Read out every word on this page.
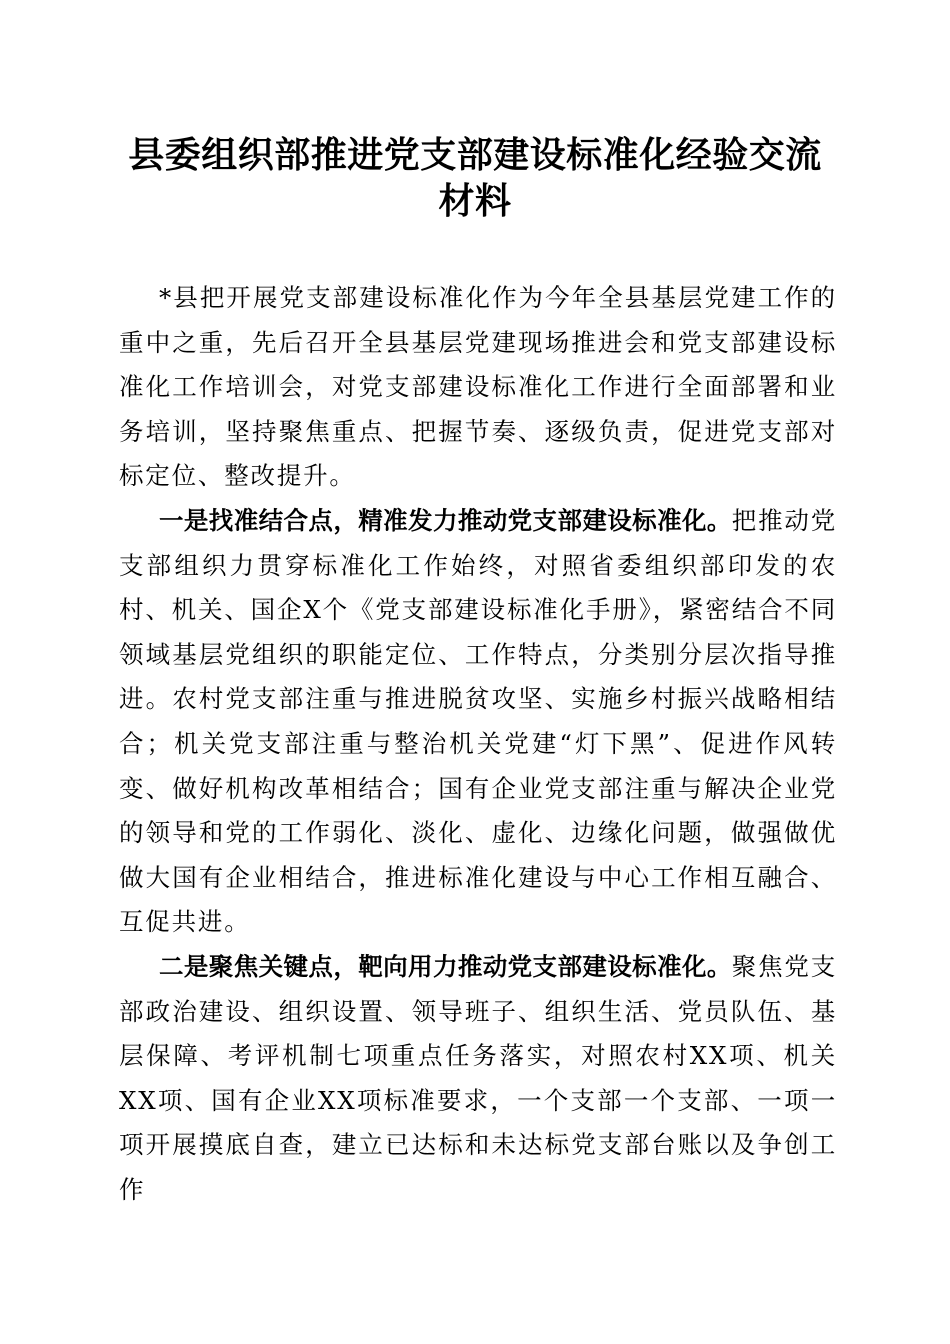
县委组织部推进党支部建设标准化经验交流材料

*县把开展党支部建设标准化作为今年全县基层党建工作的重中之重，先后召开全县基层党建现场推进会和党支部建设标准化工作培训会，对党支部建设标准化工作进行全面部署和业务培训，坚持聚焦重点、把握节奏、逐级负责，促进党支部对标定位、整改提升。

一是找准结合点，精准发力推动党支部建设标准化。把推动党支部组织力贯穿标准化工作始终，对照省委组织部印发的农村、机关、国企X个《党支部建设标准化手册》，紧密结合不同领域基层党组织的职能定位、工作特点，分类别分层次指导推进。农村党支部注重与推进脱贫攻坚、实施乡村振兴战略相结合；机关党支部注重与整治机关党建“灯下黑”、促进作风转变、做好机构改革相结合；国有企业党支部注重与解决企业党的领导和党的工作弱化、淡化、虚化、边缘化问题，做强做优做大国有企业相结合，推进标准化建设与中心工作相互融合、互促共进。

二是聚焦关键点，靶向用力推动党支部建设标准化。聚焦党支部政治建设、组织设置、领导班子、组织生活、党员队伍、基层保障、考评机制七项重点任务落实，对照农村XX项、机关XX项、国有企业XX项标准要求，一个支部一个支部、一项一项开展摸底自查，建立已达标和未达标党支部台账以及争创工作
